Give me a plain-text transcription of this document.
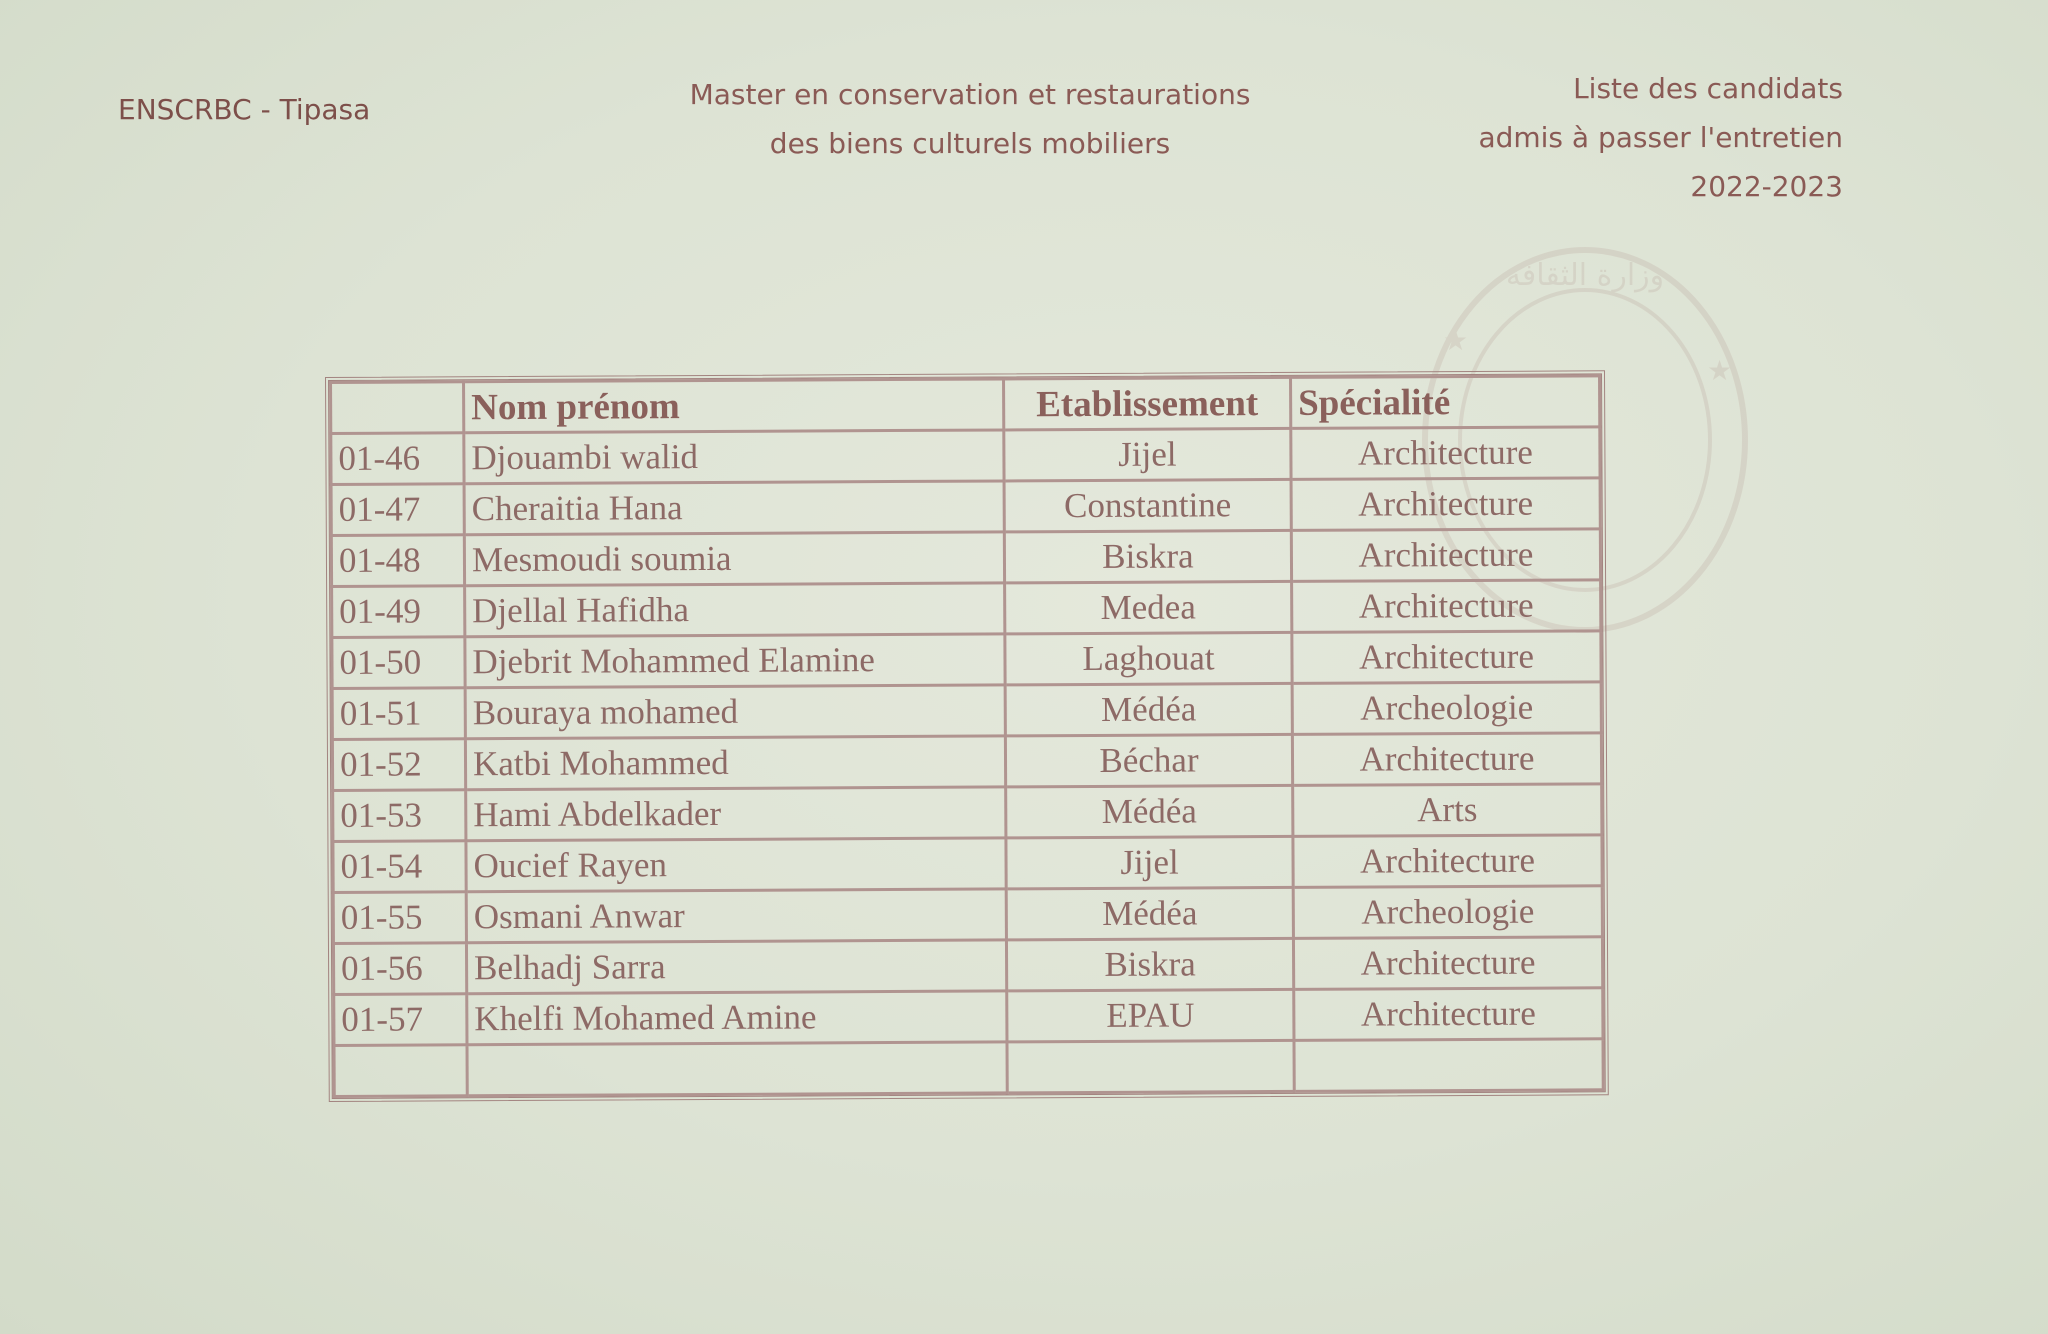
ENSCRBC - Tipasa	Master en conservation et restaurations
des biens culturels mobiliers
Liste des candidats
admis à passer l'entretien
2022-2023
وزارة الثقافة
★
★
	Nom prénom	Etablissement	Spécialité
01-46	Djouambi walid	Jijel	Architecture
01-47	Cheraitia Hana	Constantine	Architecture
01-48	Mesmoudi soumia	Biskra	Architecture
01-49	Djellal Hafidha	Medea	Architecture
01-50	Djebrit Mohammed Elamine	Laghouat	Architecture
01-51	Bouraya mohamed	Médéa	Archeologie
01-52	Katbi Mohammed	Béchar	Architecture
01-53	Hami Abdelkader	Médéa	Arts
01-54	Oucief Rayen	Jijel	Architecture
01-55	Osmani Anwar	Médéa	Archeologie
01-56	Belhadj Sarra	Biskra	Architecture
01-57	Khelfi Mohamed Amine	EPAU	Architecture
